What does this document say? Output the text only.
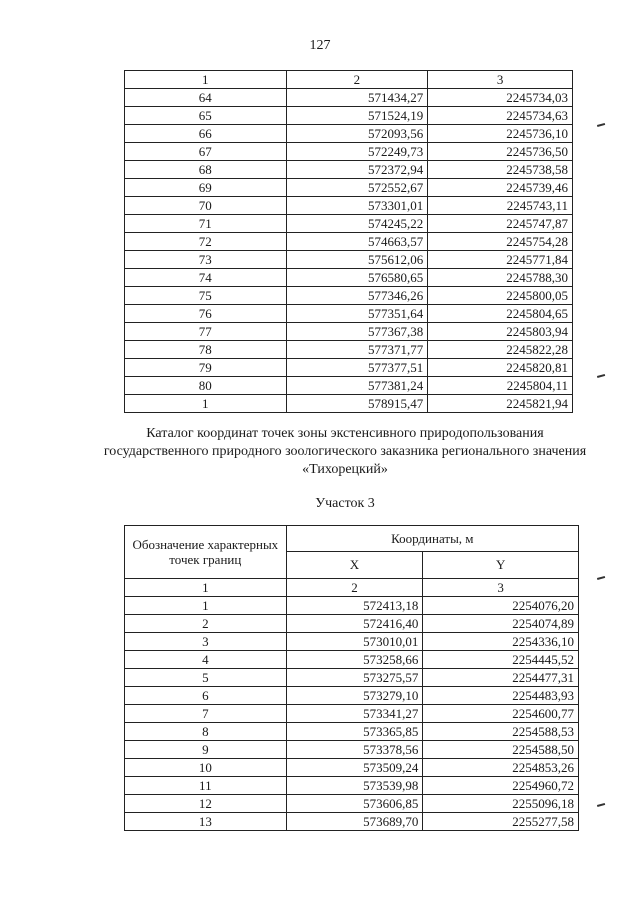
127
1	2	3
64	571434,27	2245734,03
65	571524,19	2245734,63
66	572093,56	2245736,10
67	572249,73	2245736,50
68	572372,94	2245738,58
69	572552,67	2245739,46
70	573301,01	2245743,11
71	574245,22	2245747,87
72	574663,57	2245754,28
73	575612,06	2245771,84
74	576580,65	2245788,30
75	577346,26	2245800,05
76	577351,64	2245804,65
77	577367,38	2245803,94
78	577371,77	2245822,28
79	577377,51	2245820,81
80	577381,24	2245804,11
1	578915,47	2245821,94
Каталог координат точек зоны экстенсивного природопользования государственного природного зоологического заказника регионального значения «Тихорецкий»
Участок 3
Обозначение характерных точек границ	Координаты, м	
	X	Y
1	2	3
1	572413,18	2254076,20
2	572416,40	2254074,89
3	573010,01	2254336,10
4	573258,66	2254445,52
5	573275,57	2254477,31
6	573279,10	2254483,93
7	573341,27	2254600,77
8	573365,85	2254588,53
9	573378,56	2254588,50
10	573509,24	2254853,26
11	573539,98	2254960,72
12	573606,85	2255096,18
13	573689,70	2255277,58
